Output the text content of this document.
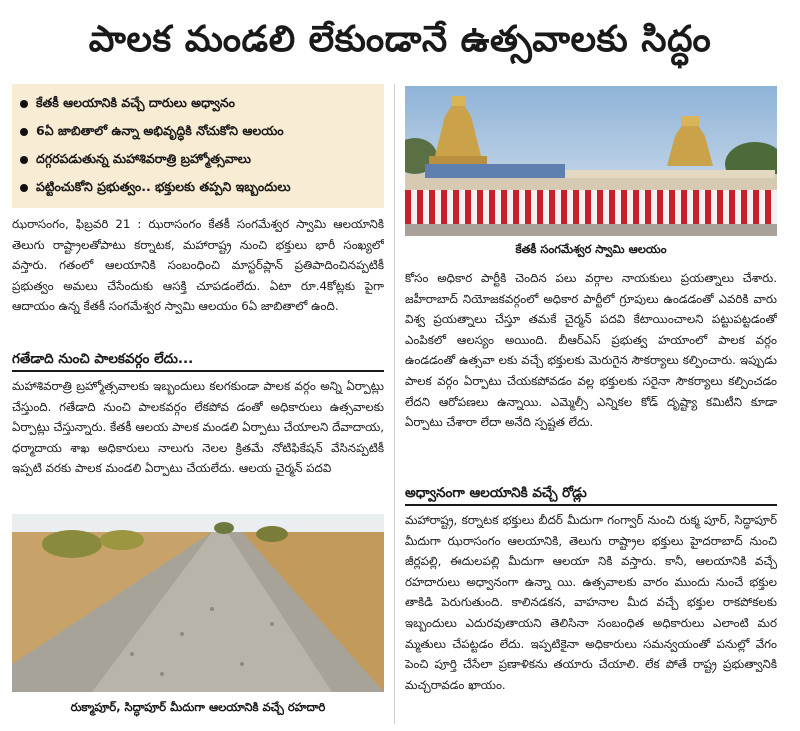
పాలక మండలి లేకుండానే ఉత్సవాలకు సిద్ధం
కేతకీ ఆలయానికి వచ్చే దారులు అధ్వానం
6ఏ జాబితాలో ఉన్నా అభివృద్ధికి నోచుకోని ఆలయం
దగ్గరపడుతున్న మహాశివరాత్రి బ్రహ్మోత్సవాలు
పట్టించుకోని ప్రభుత్వం.. భక్తులకు తప్పని ఇబ్బందులు
కేతకీ సంగమేశ్వర స్వామి ఆలయం
ఝరాసంగం, ఫిబ్రవరి 21 : ఝరాసంగం కేతకీ సంగమేశ్వర స్వామి ఆలయానికి తెలుగు రాష్ట్రాలతోపాటు కర్నాటక, మహారాష్ట్ర నుంచి భక్తులు భారీ సంఖ్యలో వస్తారు. గతంలో ఆలయానికి సంబంధించి మాస్టర్‌ప్లాన్ ప్రతిపాదించినప్పటికీ ప్రభుత్వం అమలు చేసేందుకు ఆసక్తి చూపడంలేదు. ఏటా రూ.4కోట్లకు పైగా ఆదాయం ఉన్న కేతకీ సంగమేశ్వర స్వామి ఆలయం 6ఏ జాబితాలో ఉంది.
గతేడాది నుంచి పాలకవర్గం లేదు...
మహాశివరాత్రి బ్రహ్మోత్సవాలకు ఇబ్బందులు కలగకుండా పాలక వర్గం అన్ని ఏర్పాట్లు చేస్తుంది. గతేడాది నుంచి పాలకవర్గం లేకపోవ డంతో అధికారులు ఉత్సవాలకు ఏర్పాట్లు చేస్తున్నారు. కేతకీ ఆలయ పాలక మండలి ఏర్పాటు చేయాలని దేవాదాయ, ధర్మాదాయ శాఖ అధికారులు నాలుగు నెలల క్రితమే నోటిఫికేషన్ వేసినప్పటికీ ఇప్పటి వరకు పాలక మండలి ఏర్పాటు చేయలేదు. ఆలయ చైర్మన్ పదవి
రుక్మాపూర్, సిద్ధాపూర్ మీదుగా ఆలయానికి వచ్చే రహదారి
కోసం అధికార పార్టీకి చెందిన పలు వర్గాల నాయకులు ప్రయత్నాలు చేశారు. జహీరాబాద్ నియోజకవర్గంలో అధికార పార్టీలో గ్రూపులు ఉండడంతో ఎవరికి వారు విశ్వ ప్రయత్నాలు చేస్తూ తమకే చైర్మన్ పదవి కేటాయించాలని పట్టుపట్టడంతో ఎంపికలో ఆలస్యం అయింది. బీఆర్‌ఎస్ ప్రభుత్వ హయాంలో పాలక వర్గం ఉండడంతో ఉత్సవా లకు వచ్చే భక్తులకు మెరుగైన సౌకర్యాలు కల్పించారు. ఇప్పుడు పాలక వర్గం ఏర్పాటు చేయకపోవడం వల్ల భక్తులకు సరైనా సౌకర్యాలు కల్పించడం లేదని ఆరోపణలు ఉన్నాయి. ఎమ్మెల్సీ ఎన్నికల కోడ్ దృష్ట్యా కమిటీని కూడా ఏర్పాటు చేశారా లేదా అనేది స్పష్టత లేదు.
అధ్వానంగా ఆలయానికి వచ్చే రోడ్లు
మహారాష్ట్ర, కర్నాటక భక్తులు బీదర్ మీదుగా గంగ్వార్ నుంచి రుక్మ పూర్, సిద్ధాపూర్ మీదుగా ఝరాసంగం ఆలయానికి, తెలుగు రాష్ట్రాల భక్తులు హైదరాబాద్ నుంచి జీర్లపల్లి, ఈదులపల్లి మీదుగా ఆలయా నికి వస్తారు. కానీ, ఆలయానికి వచ్చే రహదారులు అధ్వానంగా ఉన్నా యి. ఉత్సవాలకు వారం ముందు నుంచే భక్తుల తాకిడి పెరుగుతుంది. కాలినడకన, వాహనాల మీద వచ్చే భక్తుల రాకపోకలకు ఇబ్బందులు ఎదురవుతాయని తెలిసినా సంబంధిత అధికారులు ఎలాంటి మర మ్మతులు చేపట్టడం లేదు. ఇప్పటికైనా అధికారులు సమన్వయంతో పనుల్లో వేగం పెంచి పూర్తి చేసేలా ప్రణాళికను తయారు చేయాలి. లేక పోతే రాష్ట్ర ప్రభుత్వానికి మచ్చరావడం ఖాయం.
